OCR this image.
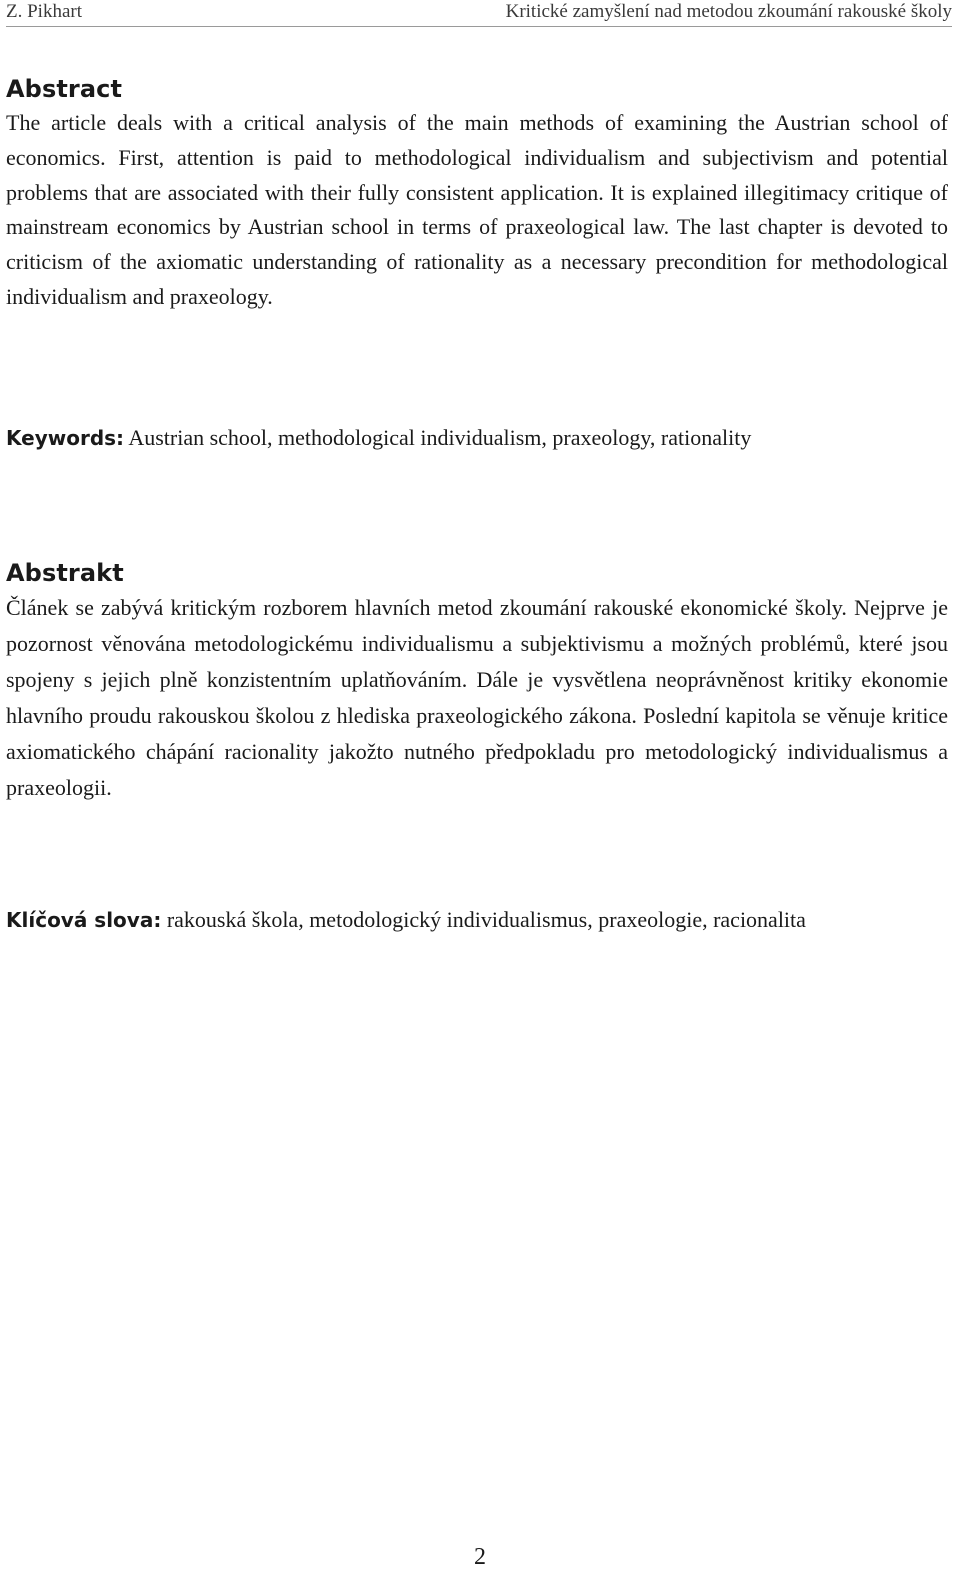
Z. Pikhart	Kritické zamyšlení nad metodou zkoumání rakouské školy
Abstract

The article deals with a critical analysis of the main methods of examining the Austrian school of economics. First, attention is paid to methodological individualism and subjectivism and potential problems that are associated with their fully consistent application. It is explained illegitimacy critique of mainstream economics by Austrian school in terms of praxeological law. The last chapter is devoted to criticism of the axiomatic understanding of rationality as a necessary precondition for methodological individualism and praxeology.

Keywords: Austrian school, methodological individualism, praxeology, rationality

Abstrakt

Článek se zabývá kritickým rozborem hlavních metod zkoumání rakouské ekonomické školy. Nejprve je pozornost věnována metodologickému individualismu a subjektivismu a možných problémů, které jsou spojeny s jejich plně konzistentním uplatňováním. Dále je vysvětlena neoprávněnost kritiky ekonomie hlavního proudu rakouskou školou z hlediska praxeologického zákona. Poslední kapitola se věnuje kritice axiomatického chápání racionality jakožto nutného předpokladu pro metodologický individualismus a praxeologii.

Klíčová slova: rakouská škola, metodologický individualismus, praxeologie, racionalita

2
